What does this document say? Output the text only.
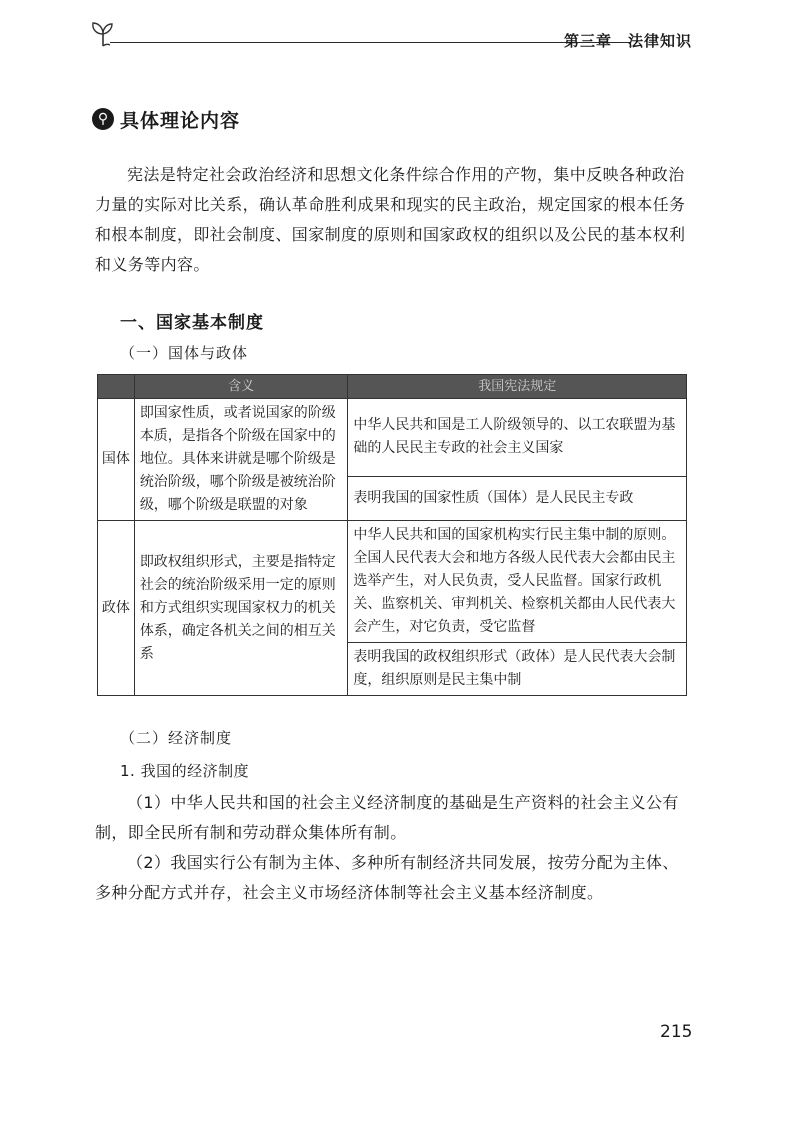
第三章　法律知识
⚲ 具体理论内容
宪法是特定社会政治经济和思想文化条件综合作用的产物，集中反映各种政治力量的实际对比关系，确认革命胜利成果和现实的民主政治，规定国家的根本任务和根本制度，即社会制度、国家制度的原则和国家政权的组织以及公民的基本权利和义务等内容。
一、国家基本制度
（一）国体与政体
	含义	我国宪法规定
国体	即国家性质，或者说国家的阶级本质，是指各个阶级在国家中的地位。具体来讲就是哪个阶级是统治阶级，哪个阶级是被统治阶级，哪个阶级是联盟的对象	中华人民共和国是工人阶级领导的、以工农联盟为基础的人民民主专政的社会主义国家
		表明我国的国家性质（国体）是人民民主专政
政体	即政权组织形式，主要是指特定社会的统治阶级采用一定的原则和方式组织实现国家权力的机关体系，确定各机关之间的相互关系	中华人民共和国的国家机构实行民主集中制的原则。全国人民代表大会和地方各级人民代表大会都由民主选举产生，对人民负责，受人民监督。国家行政机关、监察机关、审判机关、检察机关都由人民代表大会产生，对它负责，受它监督
		表明我国的政权组织形式（政体）是人民代表大会制度，组织原则是民主集中制
（二）经济制度
1. 我国的经济制度
（1）中华人民共和国的社会主义经济制度的基础是生产资料的社会主义公有制，即全民所有制和劳动群众集体所有制。
（2）我国实行公有制为主体、多种所有制经济共同发展，按劳分配为主体、多种分配方式并存，社会主义市场经济体制等社会主义基本经济制度。
215
